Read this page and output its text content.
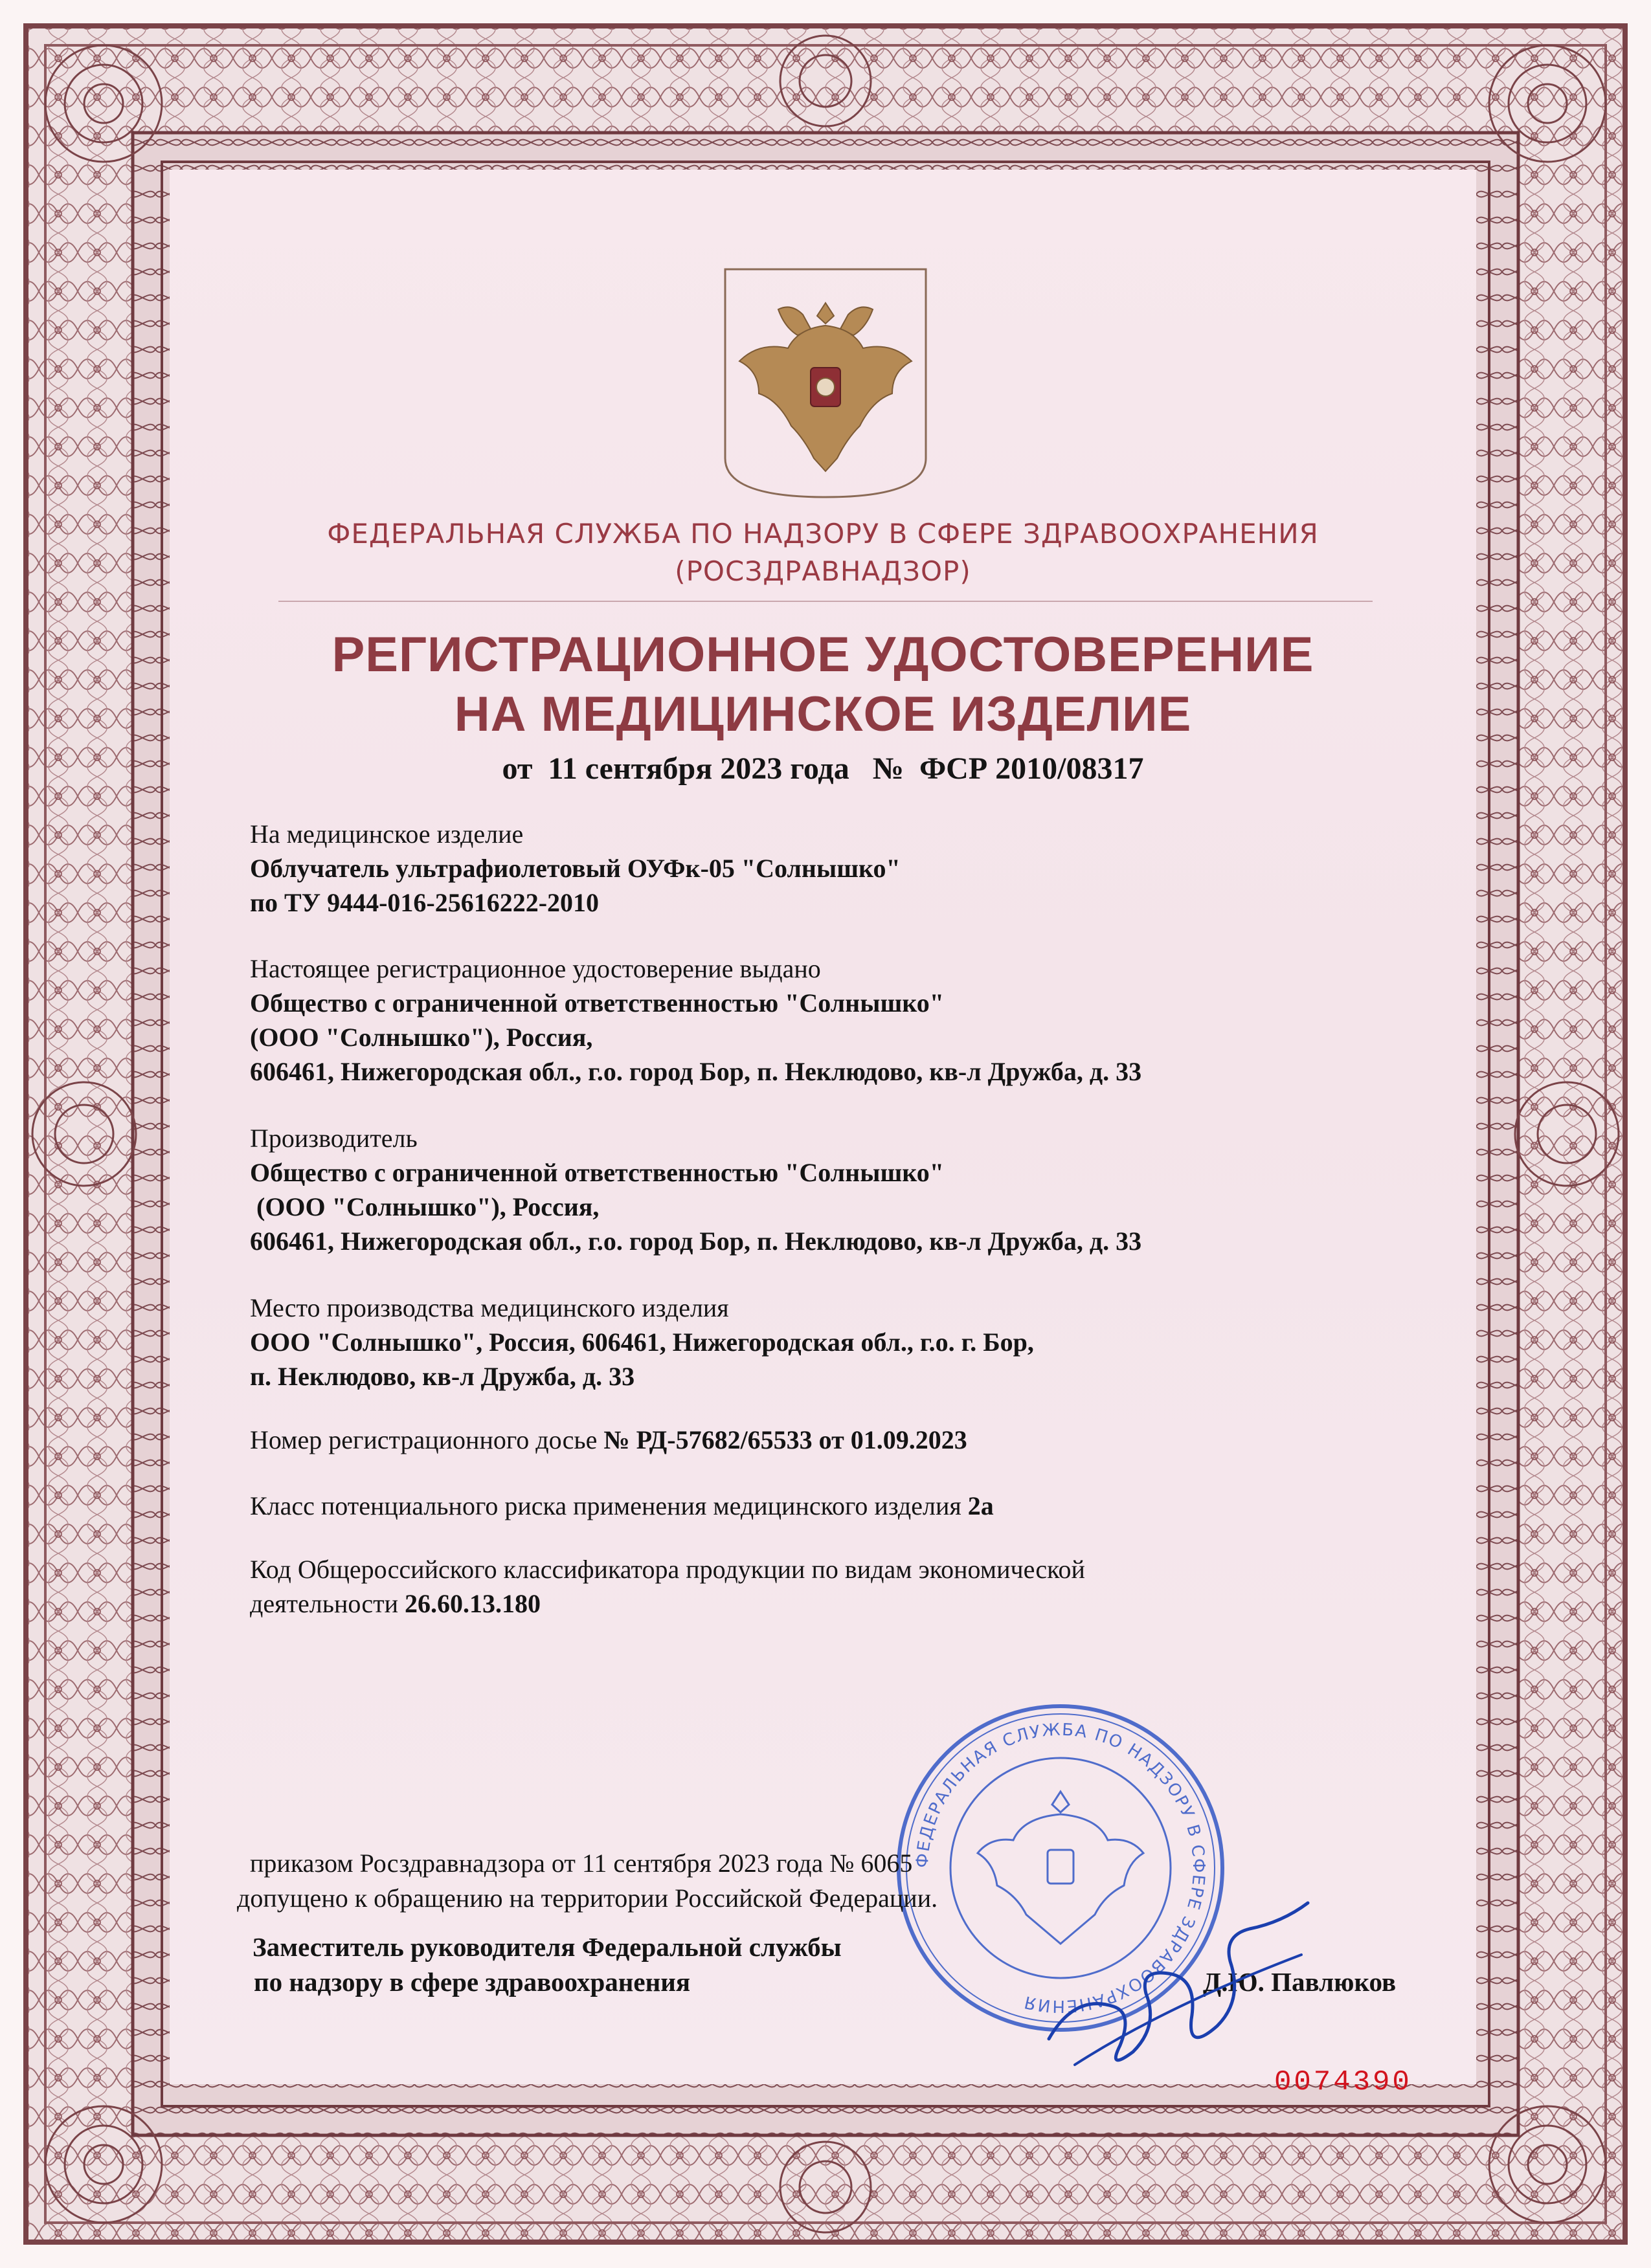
ФЕДЕРАЛЬНАЯ СЛУЖБА ПО НАДЗОРУ В СФЕРЕ ЗДРАВООХРАНЕНИЯ
(РОСЗДРАВНАДЗОР)
РЕГИСТРАЦИОННОЕ УДОСТОВЕРЕНИЕ
НА МЕДИЦИНСКОЕ ИЗДЕЛИЕ
от  11 сентября 2023 года №  ФСР 2010/08317
На медицинское изделие
Облучатель ультрафиолетовый ОУФк-05 "Солнышко"
по ТУ 9444-016-25616222-2010
Настоящее регистрационное удостоверение выдано
Общество с ограниченной ответственностью "Солнышко"
(ООО "Солнышко"), Россия,
606461, Нижегородская обл., г.о. город Бор, п. Неклюдово, кв-л Дружба, д. 33
Производитель
Общество с ограниченной ответственностью "Солнышко"
(ООО "Солнышко"), Россия,
606461, Нижегородская обл., г.о. город Бор, п. Неклюдово, кв-л Дружба, д. 33
Место производства медицинского изделия
ООО "Солнышко", Россия, 606461, Нижегородская обл., г.о. г. Бор,
п. Неклюдово, кв-л Дружба, д. 33
Номер регистрационного досье № РД-57682/65533 от 01.09.2023
Класс потенциального риска применения медицинского изделия 2а
Код Общероссийского классификатора продукции по видам экономической
деятельности 26.60.13.180
ФЕДЕРАЛЬНАЯ СЛУЖБА ПО НАДЗОРУ В СФЕРЕ ЗДРАВООХРАНЕНИЯ
приказом Росздравнадзора от 11 сентября 2023 года № 6065
допущено к обращению на территории Российской Федерации.
Заместитель руководителя Федеральной службы
по надзору в сфере здравоохранения	Д.Ю. Павлюков
0074390
